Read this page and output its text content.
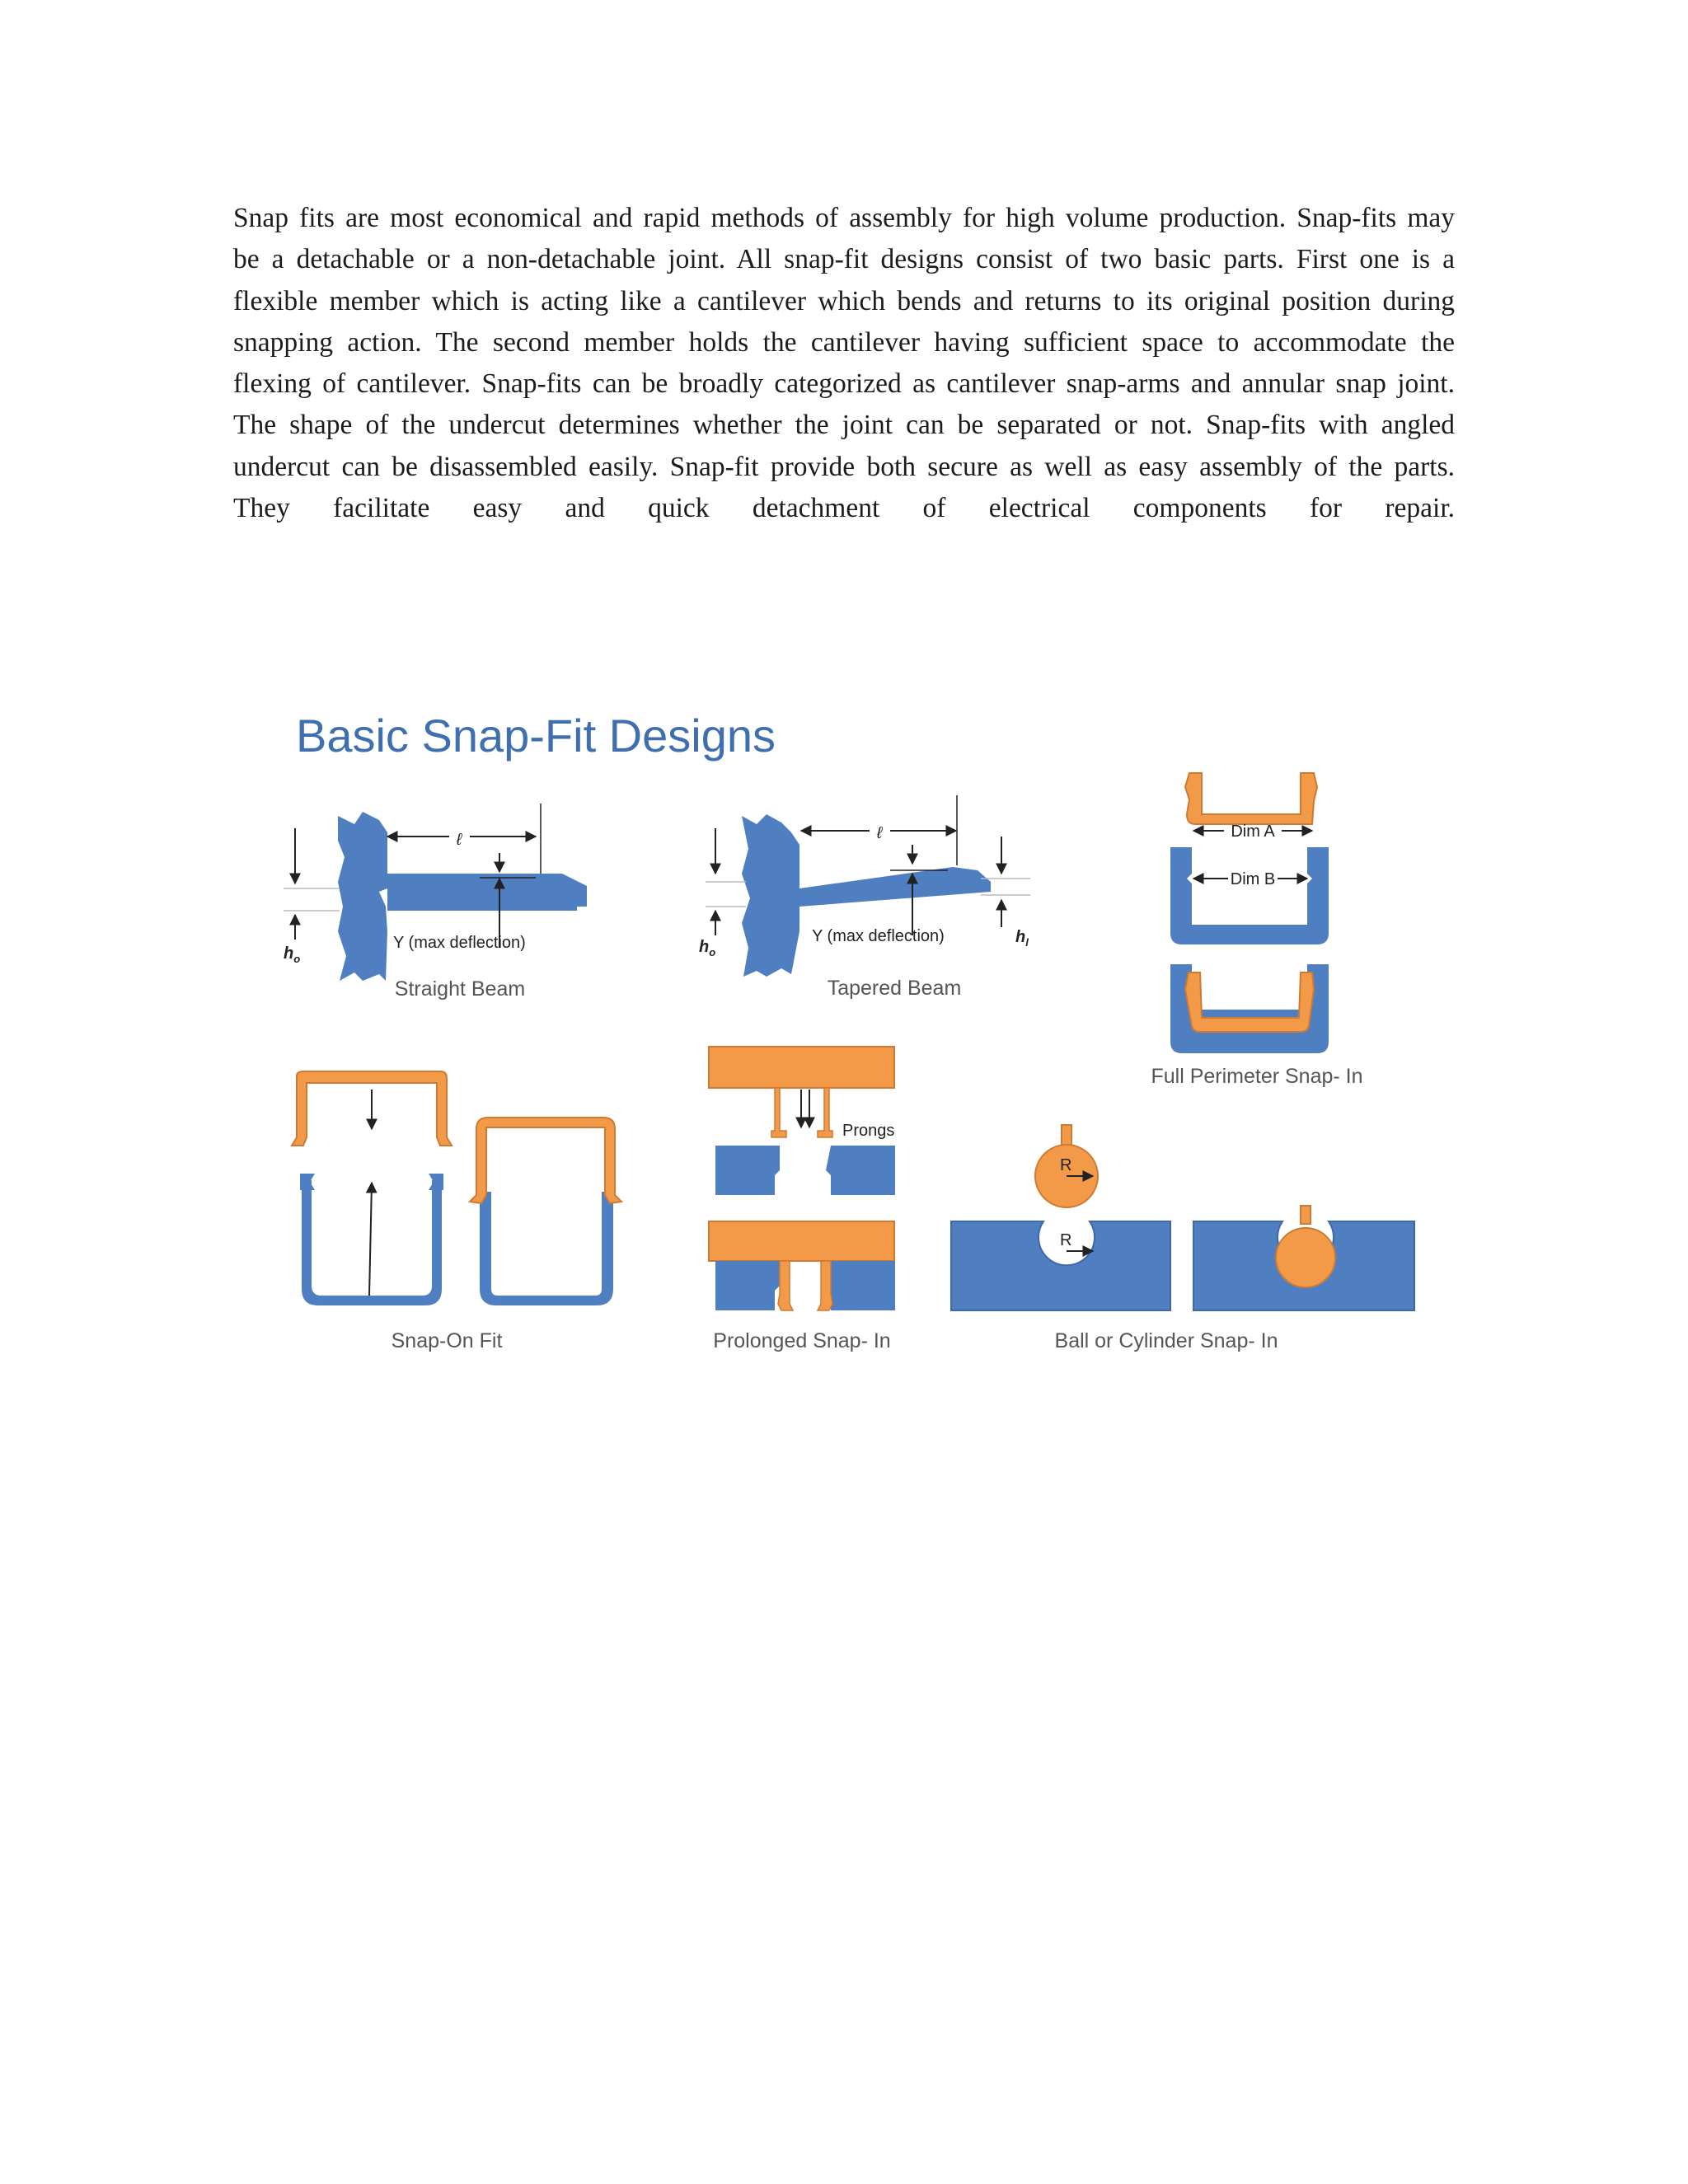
Snap fits are most economical and rapid methods of assembly for high volume production. Snap-fits may
be a detachable or a non-detachable joint. All snap-fit designs consist of two basic parts. First one is a
flexible member which is acting like a cantilever which bends and returns to its original position during
snapping action. The second member holds the cantilever having sufficient space to accommodate the
flexing of cantilever. Snap-fits can be broadly categorized as cantilever snap-arms and annular snap joint.
The shape of the undercut determines whether the joint can be separated or not. Snap-fits with angled
undercut can be disassembled easily. Snap-fit provide both secure as well as easy assembly of the parts.
They facilitate easy and quick detachment of electrical components for repair.
Basic Snap-Fit Designs
ℓ
Y (max deflection)
$h_o$
Straight Beam
$h_o$
ℓ
Y (max deflection)	$h_l$
Tapered Beam
Dim A
Dim B
Full Perimeter Snap- In
Snap-On Fit
Prongs
Prolonged Snap- In
R
R
Ball or Cylinder Snap- In
